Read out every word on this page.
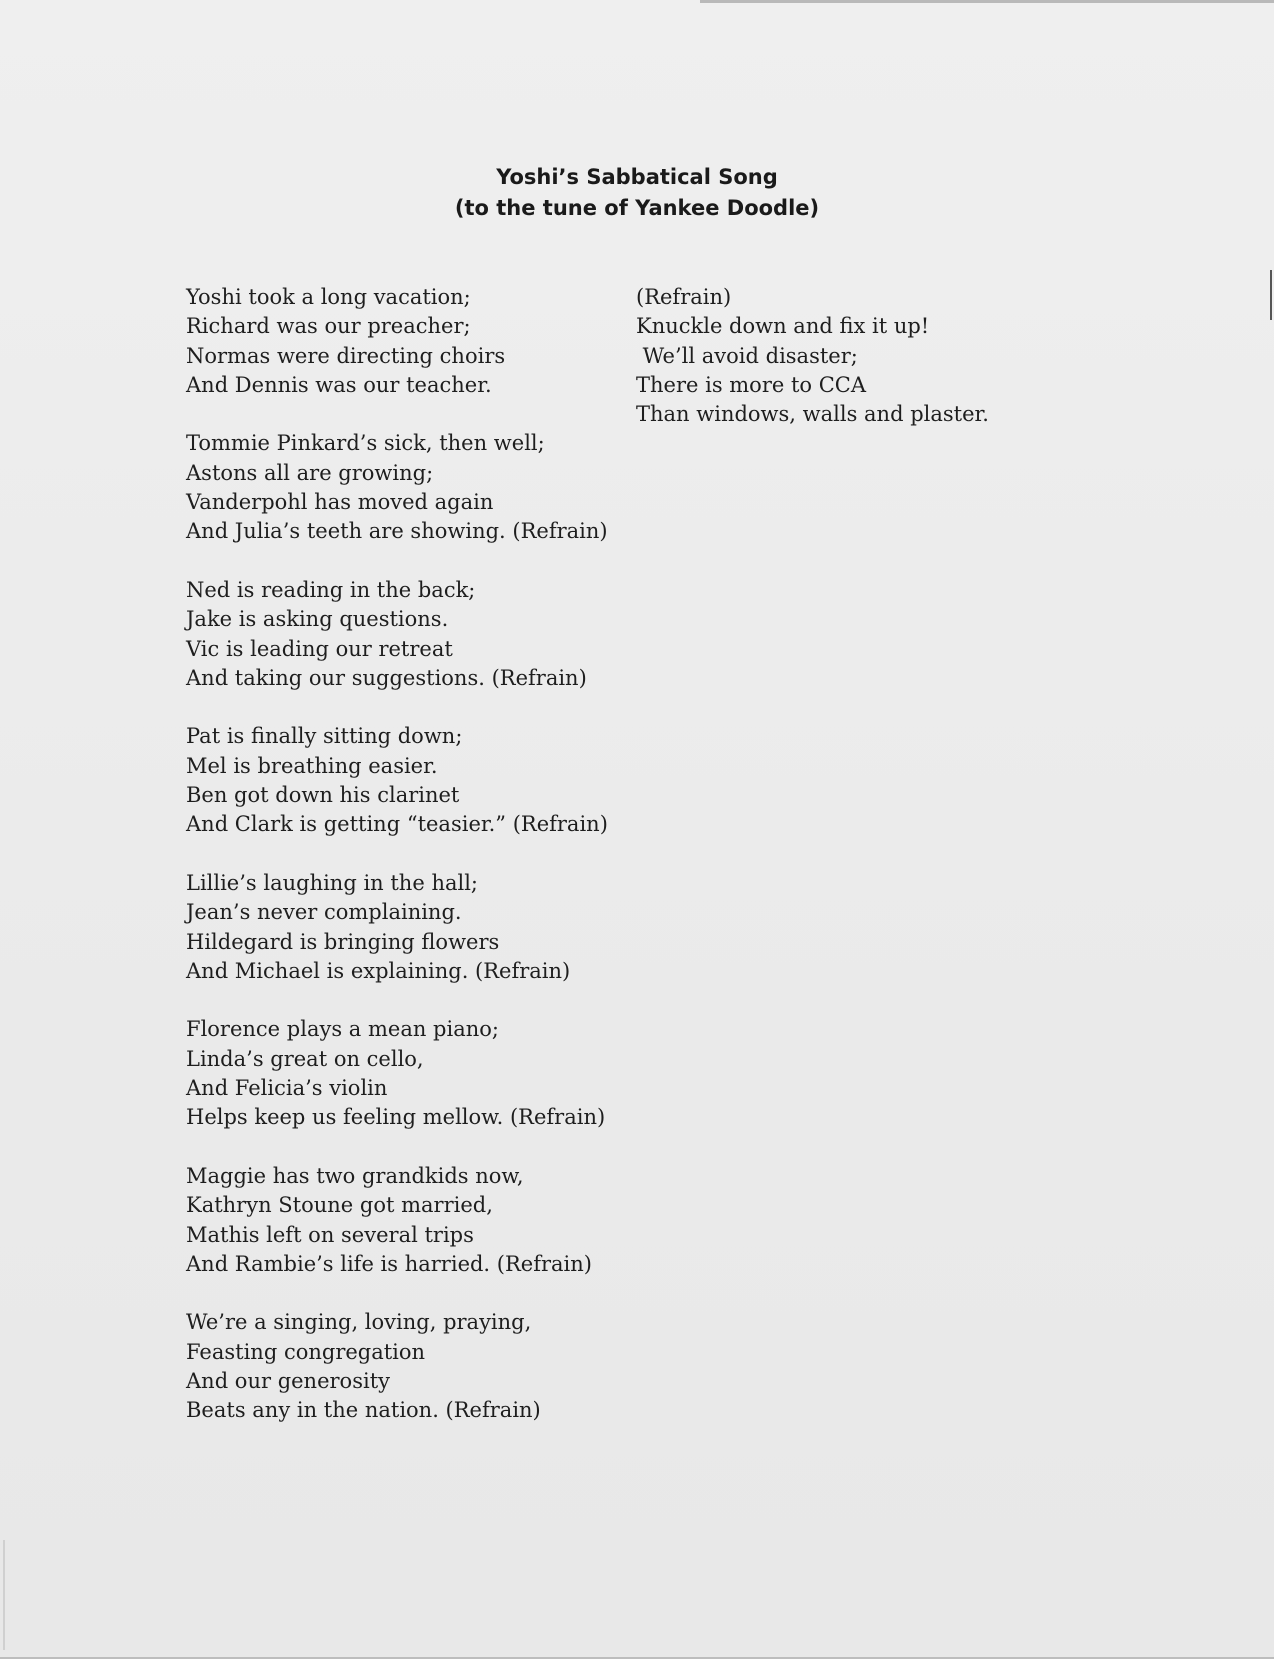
Yoshi’s Sabbatical Song
(to the tune of Yankee Doodle)
Yoshi took a long vacation;
Richard was our preacher;
Normas were directing choirs
And Dennis was our teacher.
Tommie Pinkard’s sick, then well;
Astons all are growing;
Vanderpohl has moved again
And Julia’s teeth are showing. (Refrain)
Ned is reading in the back;
Jake is asking questions.
Vic is leading our retreat
And taking our suggestions. (Refrain)
Pat is finally sitting down;
Mel is breathing easier.
Ben got down his clarinet
And Clark is getting “teasier.” (Refrain)
Lillie’s laughing in the hall;
Jean’s never complaining.
Hildegard is bringing flowers
And Michael is explaining. (Refrain)
Florence plays a mean piano;
Linda’s great on cello,
And Felicia’s violin
Helps keep us feeling mellow. (Refrain)
Maggie has two grandkids now,
Kathryn Stoune got married,
Mathis left on several trips
And Rambie’s life is harried. (Refrain)
We’re a singing, loving, praying,
Feasting congregation
And our generosity
Beats any in the nation. (Refrain)
(Refrain)
Knuckle down and fix it up!
We’ll avoid disaster;
There is more to CCA
Than windows, walls and plaster.
